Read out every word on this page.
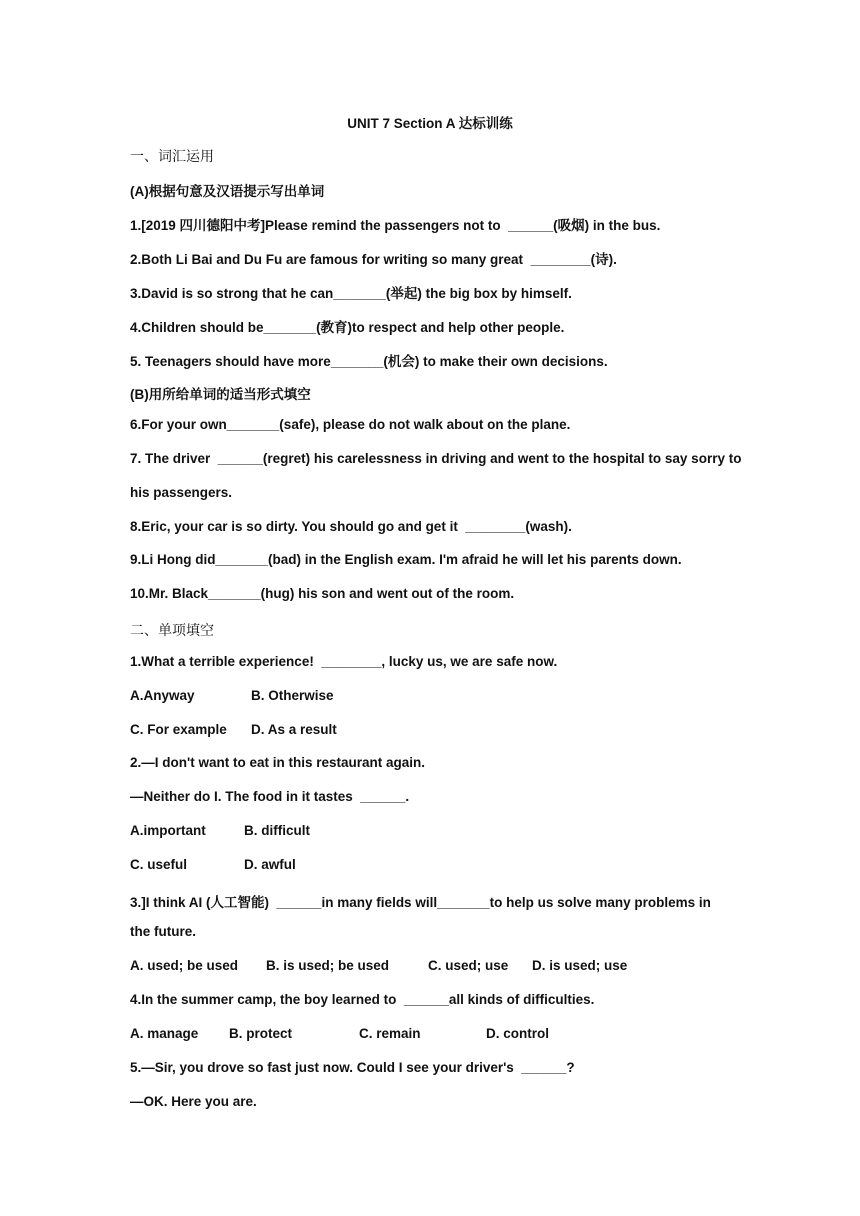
UNIT 7 Section A 达标训练
一、词汇运用
(A)根据句意及汉语提示写出单词
1.[2019 四川德阳中考]Please remind the passengers not to  ______(吸烟) in the bus.
2.Both Li Bai and Du Fu are famous for writing so many great  ________(诗).
3.David is so strong that he can_______(举起) the big box by himself.
4.Children should be_______(教育)to respect and help other people.
5. Teenagers should have more_______(机会) to make their own decisions.
(B)用所给单词的适当形式填空
6.For your own_______(safe), please do not walk about on the plane.
7. The driver  ______(regret) his carelessness in driving and went to the hospital to say sorry to
his passengers.
8.Eric, your car is so dirty. You should go and get it  ________(wash).
9.Li Hong did_______(bad) in the English exam. I'm afraid he will let his parents down.
10.Mr. Black_______(hug) his son and went out of the room.
二、单项填空
1.What a terrible experience!  ________, lucky us, we are safe now.
A.Anyway	B. Otherwise
C. For example D. As a result
2.—I don't want to eat in this restaurant again.
—Neither do I. The food in it tastes  ______.
A.important	B. difficult
C. useful	D. awful
3.]I think AI (人工智能)  ______in many fields will_______to help us solve many problems in
the future.
A. used; be used B. is used; be used	C. used; use D. is used; use
4.In the summer camp, the boy learned to  ______all kinds of difficulties.
A. manage B. protect	C. remain	D. control
5.—Sir, you drove so fast just now. Could I see your driver's  ______?
—OK. Here you are.
